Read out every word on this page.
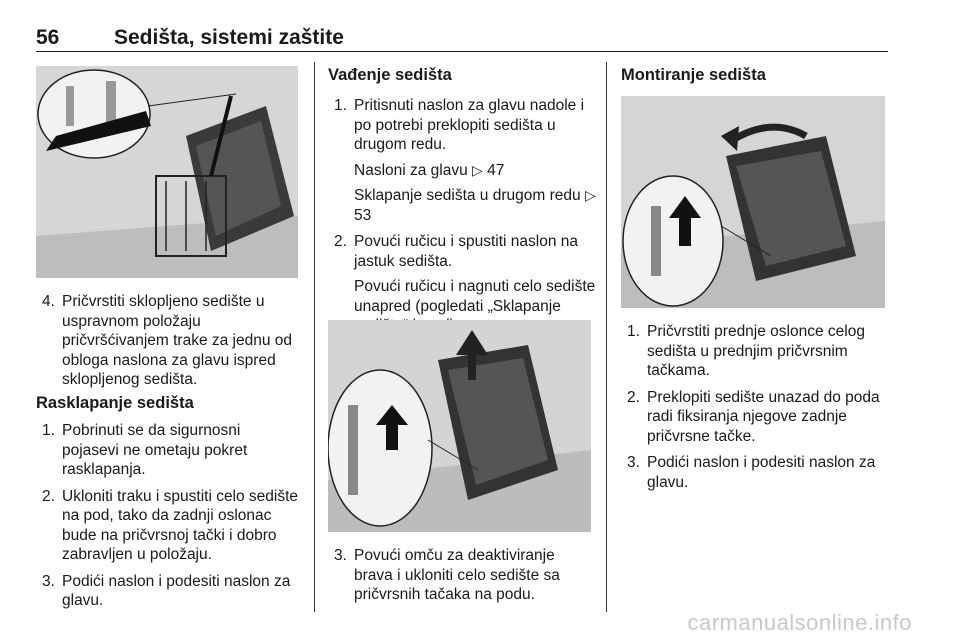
56	Sedišta, sistemi zaštite
4. Pričvrstiti sklopljeno sedište u uspravnom položaju pričvršćivanjem trake za jednu od obloga naslona za glavu ispred sklopljenog sedišta.
Rasklapanje sedišta
1. Pobrinuti se da sigurnosni pojasevi ne ometaju pokret rasklapanja.
2. Ukloniti traku i spustiti celo sedište na pod, tako da zadnji oslonac bude na pričvrsnoj tački i dobro zabravljen u položaju.
3. Podići naslon i podesiti naslon za glavu.
Vađenje sedišta
1. Pritisnuti naslon za glavu nadole i po potrebi preklopiti sedišta u drugom redu.

Nasloni za glavu ▷ 47

Sklapanje sedišta u drugom redu ▷ 53

2. Povući ručicu i spustiti naslon na jastuk sedišta.

Povući ručicu i nagnuti celo sedište unapred (pogledati „Sklapanje

3. Povući omču za deaktiviranje brava i ukloniti celo sedište sa pričvrsnih tačaka na podu.
Montiranje sedišta
1. Pričvrstiti prednje oslonce celog sedišta u prednjim pričvrsnim tačkama.
2. Preklopiti sedište unazad do poda radi fiksiranja njegove zadnje pričvrsne tačke.
3. Podići naslon i podesiti naslon za glavu.
carmanualsonline.info
